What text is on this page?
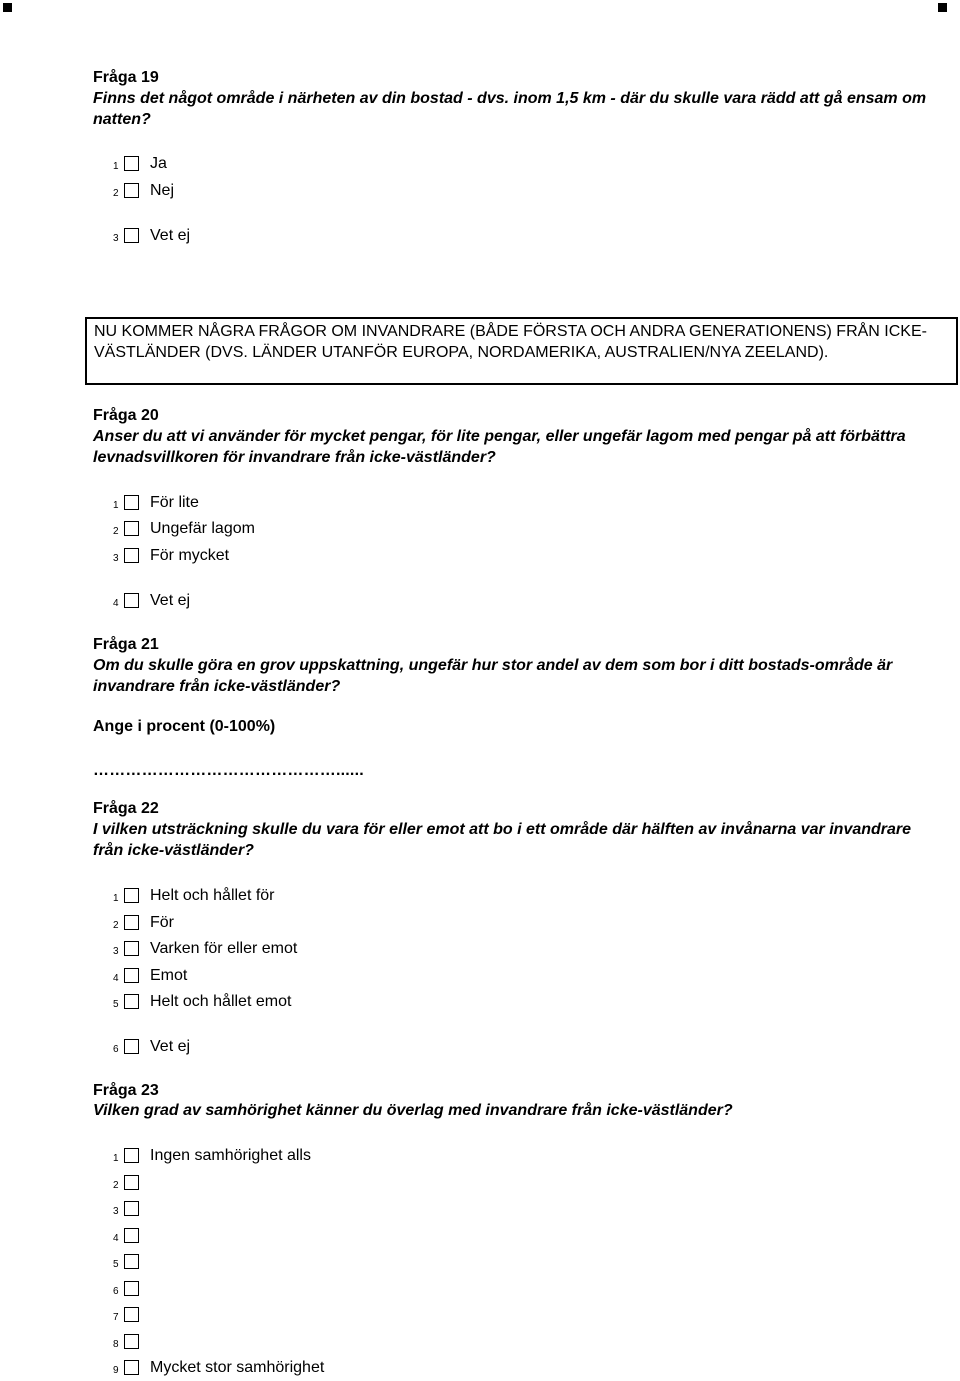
Fråga 19
Finns det något område i närheten av din bostad - dvs. inom 1,5 km - där du skulle vara rädd att gå ensam om natten?
1 Ja
2 Nej
3 Vet ej
NU KOMMER NÅGRA FRÅGOR OM INVANDRARE (BÅDE FÖRSTA OCH ANDRA GENERATIONENS) FRÅN ICKE-VÄSTLÄNDER (DVS. LÄNDER UTANFÖR EUROPA, NORDAMERIKA, AUSTRALIEN/NYA ZEELAND).
Fråga 20
Anser du att vi använder för mycket pengar, för lite pengar, eller ungefär lagom med pengar på att förbättra levnadsvillkoren för invandrare från icke-västländer?
1 För lite
2 Ungefär lagom
3 För mycket
4 Vet ej
Fråga 21
Om du skulle göra en grov uppskattning, ungefär hur stor andel av dem som bor i ditt bostads-område är invandrare från icke-västländer?
Ange i procent (0-100%)
………………………………………......
Fråga 22
I vilken utsträckning skulle du vara för eller emot att bo i ett område där hälften av invånarna var invandrare från icke-västländer?
1 Helt och hållet för
2 För
3 Varken för eller emot
4 Emot
5 Helt och hållet emot
6 Vet ej
Fråga 23
Vilken grad av samhörighet känner du överlag med invandrare från icke-västländer?
1 Ingen samhörighet alls
2
3
4
5
6
7
8
9 Mycket stor samhörighet
